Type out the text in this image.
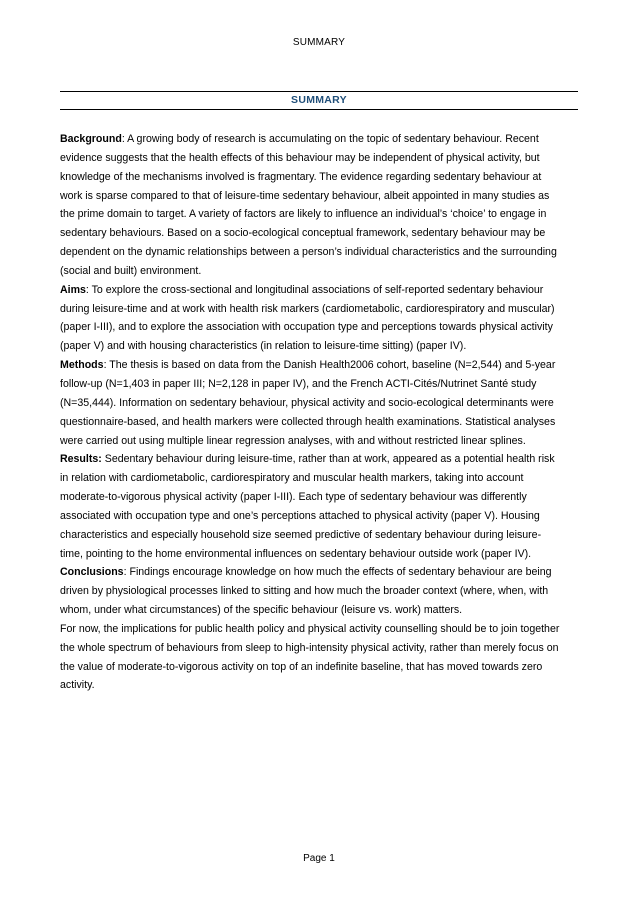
SUMMARY
SUMMARY

Background: A growing body of research is accumulating on the topic of sedentary behaviour. Recent evidence suggests that the health effects of this behaviour may be independent of physical activity, but knowledge of the mechanisms involved is fragmentary. The evidence regarding sedentary behaviour at work is sparse compared to that of leisure-time sedentary behaviour, albeit appointed in many studies as the prime domain to target. A variety of factors are likely to influence an individual’s ‘choice’ to engage in sedentary behaviours. Based on a socio-ecological conceptual framework, sedentary behaviour may be dependent on the dynamic relationships between a person’s individual characteristics and the surrounding (social and built) environment.

Aims: To explore the cross-sectional and longitudinal associations of self-reported sedentary behaviour during leisure-time and at work with health risk markers (cardiometabolic, cardiorespiratory and muscular) (paper I-III), and to explore the association with occupation type and perceptions towards physical activity (paper V) and with housing characteristics (in relation to leisure-time sitting) (paper IV).

Methods: The thesis is based on data from the Danish Health2006 cohort, baseline (N=2,544) and 5-year follow-up (N=1,403 in paper III; N=2,128 in paper IV), and the French ACTI-Cités/Nutrinet Santé study (N=35,444). Information on sedentary behaviour, physical activity and socio-ecological determinants were questionnaire-based, and health markers were collected through health examinations. Statistical analyses were carried out using multiple linear regression analyses, with and without restricted linear splines.

Results: Sedentary behaviour during leisure-time, rather than at work, appeared as a potential health risk in relation with cardiometabolic, cardiorespiratory and muscular health markers, taking into account moderate-to-vigorous physical activity (paper I-III). Each type of sedentary behaviour was differently associated with occupation type and one’s perceptions attached to physical activity (paper V). Housing characteristics and especially household size seemed predictive of sedentary behaviour during leisure-time, pointing to the home environmental influences on sedentary behaviour outside work (paper IV).

Conclusions: Findings encourage knowledge on how much the effects of sedentary behaviour are being driven by physiological processes linked to sitting and how much the broader context (where, when, with whom, under what circumstances) of the specific behaviour (leisure vs. work) matters.

For now, the implications for public health policy and physical activity counselling should be to join together the whole spectrum of behaviours from sleep to high-intensity physical activity, rather than merely focus on the value of moderate-to-vigorous activity on top of an indefinite baseline, that has moved towards zero activity.

Page 1
